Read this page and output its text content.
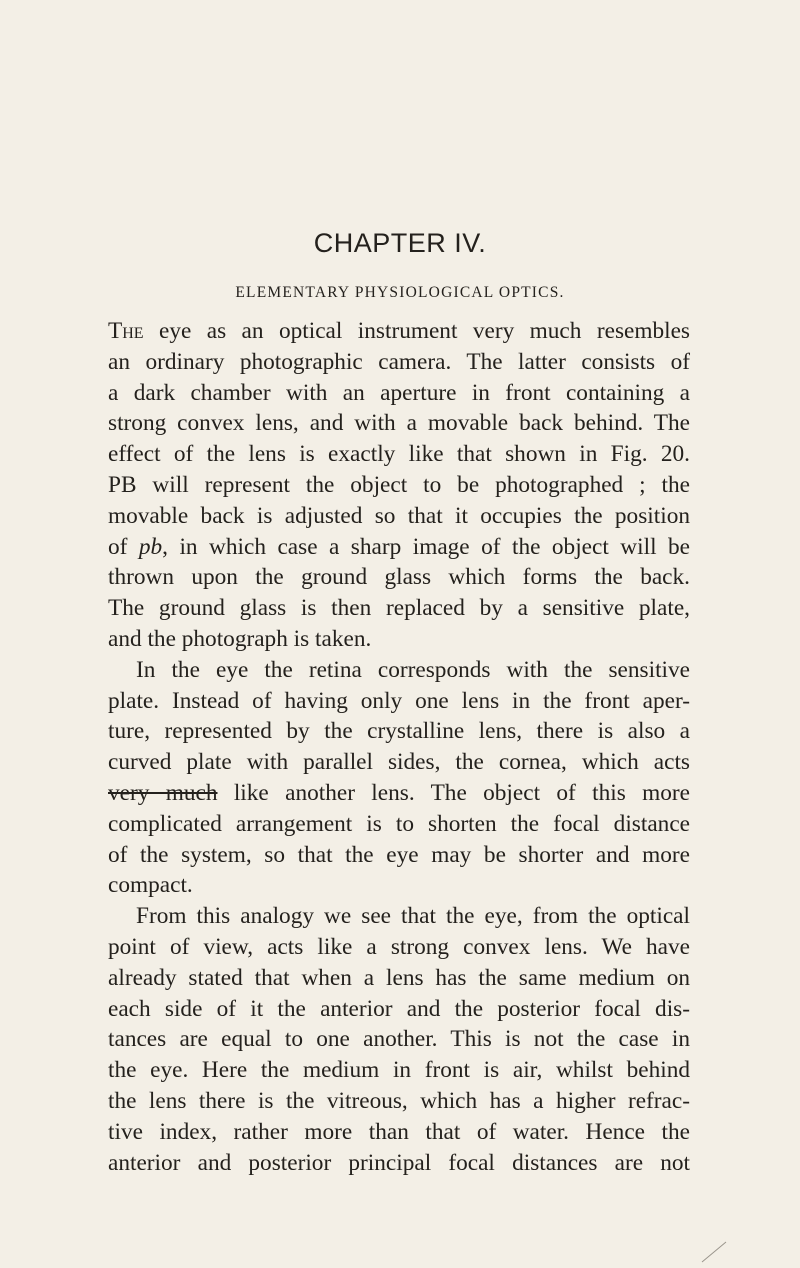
CHAPTER IV.
ELEMENTARY PHYSIOLOGICAL OPTICS.
The eye as an optical instrument very much resembles
an ordinary photographic camera. The latter consists of
a dark chamber with an aperture in front containing a
strong convex lens, and with a movable back behind. The
effect of the lens is exactly like that shown in Fig. 20.
PB will represent the object to be photographed ; the
movable back is adjusted so that it occupies the position
of pb, in which case a sharp image of the object will be
thrown upon the ground glass which forms the back.
The ground glass is then replaced by a sensitive plate,
and the photograph is taken.
In the eye the retina corresponds with the sensitive
plate. Instead of having only one lens in the front aper-
ture, represented by the crystalline lens, there is also a
curved plate with parallel sides, the cornea, which acts
very much like another lens. The object of this more
complicated arrangement is to shorten the focal distance
of the system, so that the eye may be shorter and more
compact.
From this analogy we see that the eye, from the optical
point of view, acts like a strong convex lens. We have
already stated that when a lens has the same medium on
each side of it the anterior and the posterior focal dis-
tances are equal to one another. This is not the case in
the eye. Here the medium in front is air, whilst behind
the lens there is the vitreous, which has a higher refrac-
tive index, rather more than that of water. Hence the
anterior and posterior principal focal distances are not
